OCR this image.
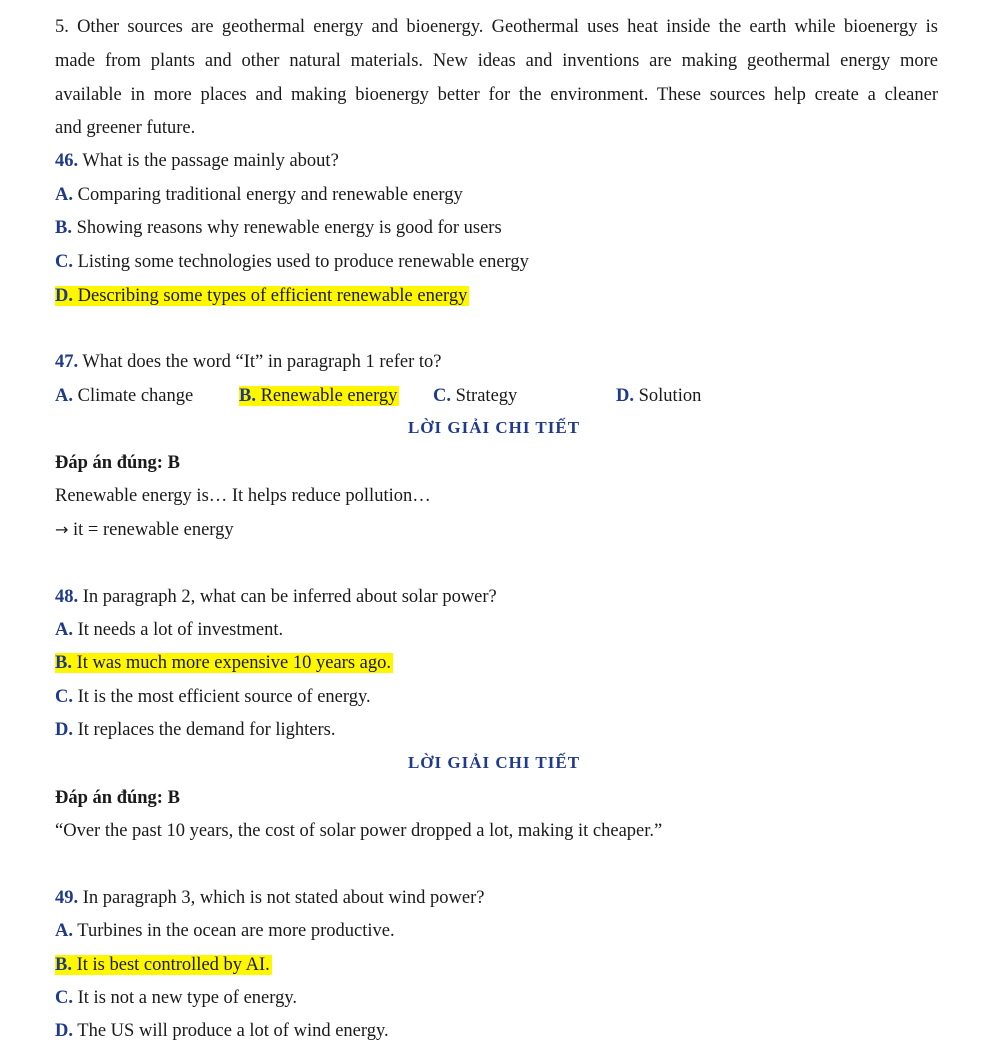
5. Other sources are geothermal energy and bioenergy. Geothermal uses heat inside the earth while bioenergy is
made from plants and other natural materials. New ideas and inventions are making geothermal energy more
available in more places and making bioenergy better for the environment. These sources help create a cleaner
and greener future.
46. What is the passage mainly about?
A. Comparing traditional energy and renewable energy
B. Showing reasons why renewable energy is good for users
C. Listing some technologies used to produce renewable energy
D. Describing some types of efficient renewable energy
47. What does the word “It” in paragraph 1 refer to?
A. Climate change B. Renewable energy C. Strategy	D. Solution
LỜI GIẢI CHI TIẾT
Đáp án đúng: B
Renewable energy is… It helps reduce pollution…
→ it = renewable energy
48. In paragraph 2, what can be inferred about solar power?
A. It needs a lot of investment.
B. It was much more expensive 10 years ago.
C. It is the most efficient source of energy.
D. It replaces the demand for lighters.
LỜI GIẢI CHI TIẾT
Đáp án đúng: B
“Over the past 10 years, the cost of solar power dropped a lot, making it cheaper.”
49. In paragraph 3, which is not stated about wind power?
A. Turbines in the ocean are more productive.
B. It is best controlled by AI.
C. It is not a new type of energy.
D. The US will produce a lot of wind energy.
